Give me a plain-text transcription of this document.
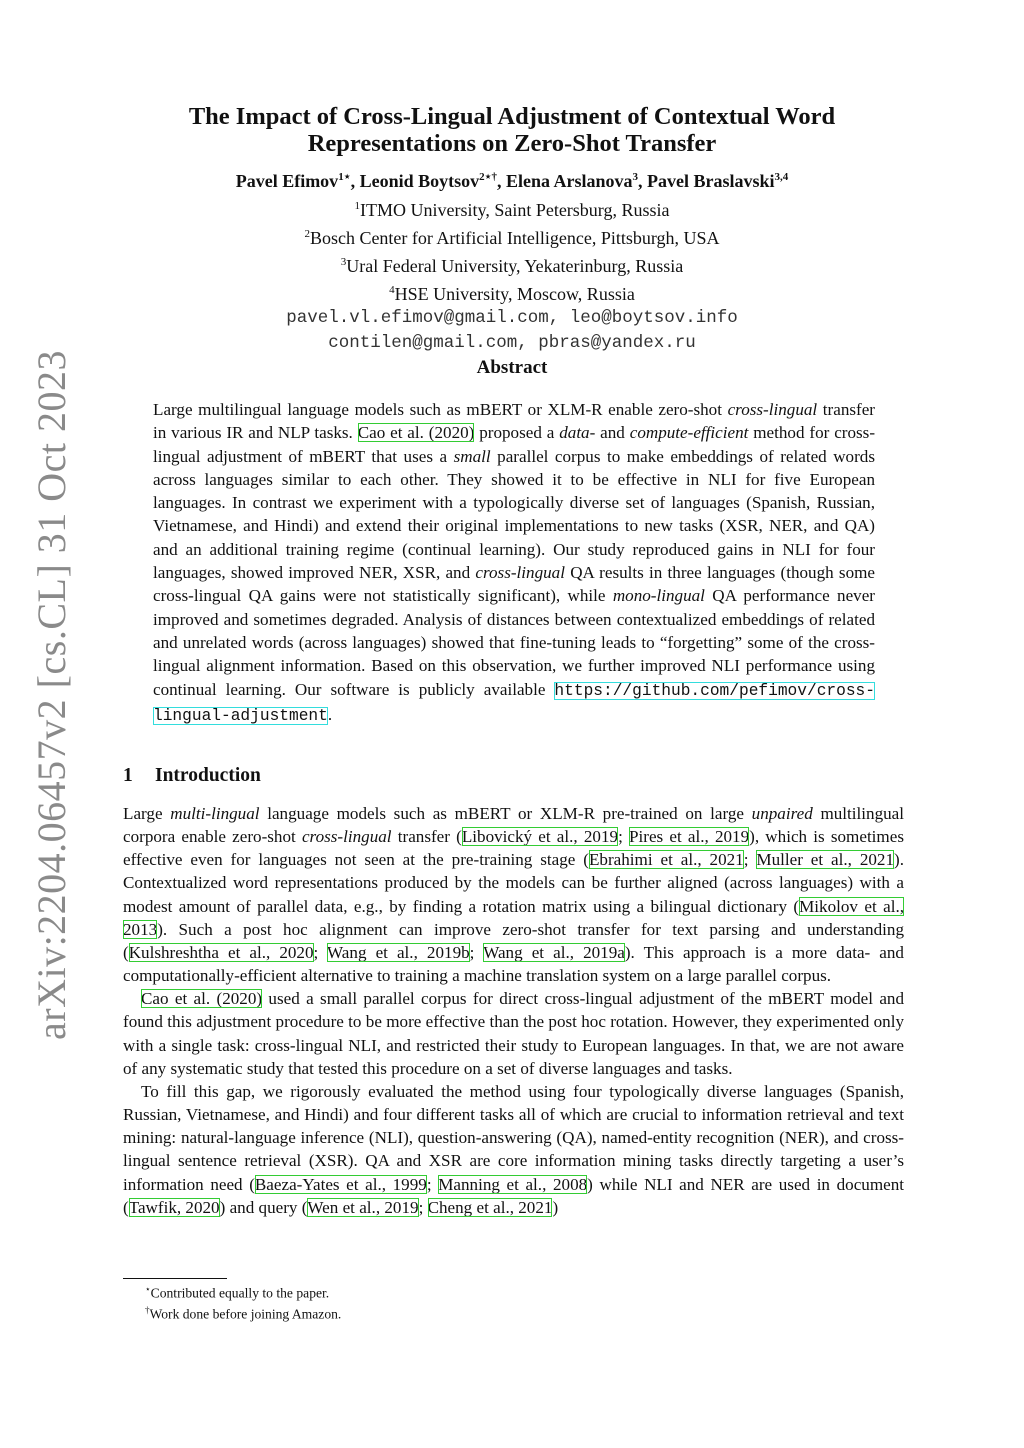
arXiv:2204.06457v2 [cs.CL] 31 Oct 2023
The Impact of Cross-Lingual Adjustment of Contextual Word
Representations on Zero-Shot Transfer
Pavel Efimov$^{1⋆}$, Leonid Boytsov$^{2⋆\dagger}$, Elena Arslanova$^3$, Pavel Braslavski$^{3,4}$
$^1$ITMO University, Saint Petersburg, Russia
$^2$Bosch Center for Artificial Intelligence, Pittsburgh, USA
$^3$Ural Federal University, Yekaterinburg, Russia
$^4$HSE University, Moscow, Russia
pavel.vl.efimov@gmail.com, leo@boytsov.info
contilen@gmail.com, pbras@yandex.ru
Abstract

Large multilingual language models such as mBERT or XLM-R enable zero-shot cross-lingual transfer in various IR and NLP tasks. Cao et al. (2020) proposed a data- and compute-efficient method for cross-lingual adjustment of mBERT that uses a small parallel corpus to make embeddings of related words across languages similar to each other. They showed it to be effective in NLI for five European languages. In contrast we experiment with a typologically diverse set of languages (Spanish, Russian, Vietnamese, and Hindi) and extend their original implementations to new tasks (XSR, NER, and QA) and an additional training regime (continual learning). Our study reproduced gains in NLI for four languages, showed improved NER, XSR, and cross-lingual QA results in three languages (though some cross-lingual QA gains were not statistically significant), while mono-lingual QA performance never improved and sometimes degraded. Analysis of distances between contextualized embeddings of related and unrelated words (across languages) showed that fine-tuning leads to “forgetting” some of the cross-lingual alignment information. Based on this observation, we further improved NLI performance using continual learning. Our software is publicly available https://github.com/pefimov/cross-lingual-adjustment.

1 Introduction

Large multi-lingual language models such as mBERT or XLM-R pre-trained on large unpaired multilingual corpora enable zero-shot cross-lingual transfer (Libovický et al., 2019; Pires et al., 2019), which is sometimes effective even for languages not seen at the pre-training stage (Ebrahimi et al., 2021; Muller et al., 2021). Contextualized word representations produced by the models can be further aligned (across languages) with a modest amount of parallel data, e.g., by finding a rotation matrix using a bilingual dictionary (Mikolov et al., 2013). Such a post hoc alignment can improve zero-shot transfer for text parsing and understanding (Kulshreshtha et al., 2020; Wang et al., 2019b; Wang et al., 2019a). This approach is a more data- and computationally-efficient alternative to training a machine translation system on a large parallel corpus.

Cao et al. (2020) used a small parallel corpus for direct cross-lingual adjustment of the mBERT model and found this adjustment procedure to be more effective than the post hoc rotation. However, they experimented only with a single task: cross-lingual NLI, and restricted their study to European languages. In that, we are not aware of any systematic study that tested this procedure on a set of diverse languages and tasks.

To fill this gap, we rigorously evaluated the method using four typologically diverse languages (Spanish, Russian, Vietnamese, and Hindi) and four different tasks all of which are crucial to information retrieval and text mining: natural-language inference (NLI), question-answering (QA), named-entity recognition (NER), and cross-lingual sentence retrieval (XSR). QA and XSR are core information mining tasks directly targeting a user’s information need (Baeza-Yates et al., 1999; Manning et al., 2008) while NLI and NER are used in document (Tawfik, 2020) and query (Wen et al., 2019; Cheng et al., 2021)

⋆Contributed equally to the paper.
†Work done before joining Amazon.
